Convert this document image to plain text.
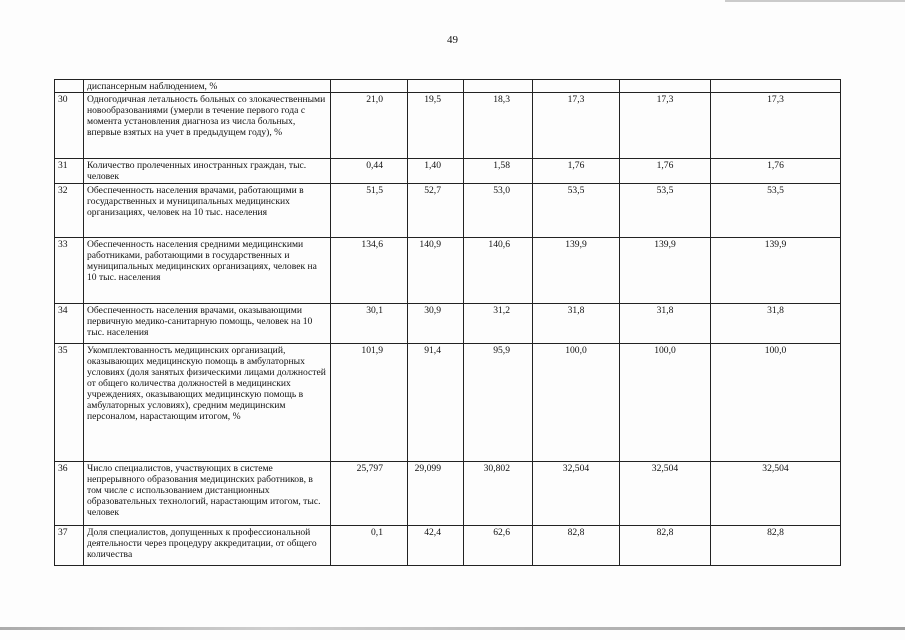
49
	диспансерным наблюдением, %						
30	Одногодичная летальность больных со злокачественными новообразованиями (умерли в течение первого года с момента установления диагноза из числа больных, впервые взятых на учет в предыдущем году), %	21,0	19,5	18,3	17,3	17,3	17,3
31	Количество пролеченных иностранных граждан, тыс. человек	0,44	1,40	1,58	1,76	1,76	1,76
32	Обеспеченность населения врачами, работающими в государственных и муниципальных медицинских организациях, человек на 10 тыс. населения	51,5	52,7	53,0	53,5	53,5	53,5
33	Обеспеченность населения средними медицинскими работниками, работающими в государственных и муниципальных медицинских организациях, человек на 10 тыс. населения	134,6	140,9	140,6	139,9	139,9	139,9
34	Обеспеченность населения врачами, оказывающими первичную медико-санитарную помощь, человек на 10 тыс. населения	30,1	30,9	31,2	31,8	31,8	31,8
35	Укомплектованность медицинских организаций, оказывающих медицинскую помощь в амбулаторных условиях (доля занятых физическими лицами должностей от общего количества должностей в медицинских учреждениях, оказывающих медицинскую помощь в амбулаторных условиях), средним медицинским персоналом, нарастающим итогом, %	101,9	91,4	95,9	100,0	100,0	100,0
36	Число специалистов, участвующих в системе непрерывного образования медицинских работников, в том числе с использованием дистанционных образовательных технологий, нарастающим итогом, тыс. человек	25,797	29,099	30,802	32,504	32,504	32,504
37	Доля специалистов, допущенных к профессиональной деятельности через процедуру аккредитации, от общего количества	0,1	42,4	62,6	82,8	82,8	82,8
